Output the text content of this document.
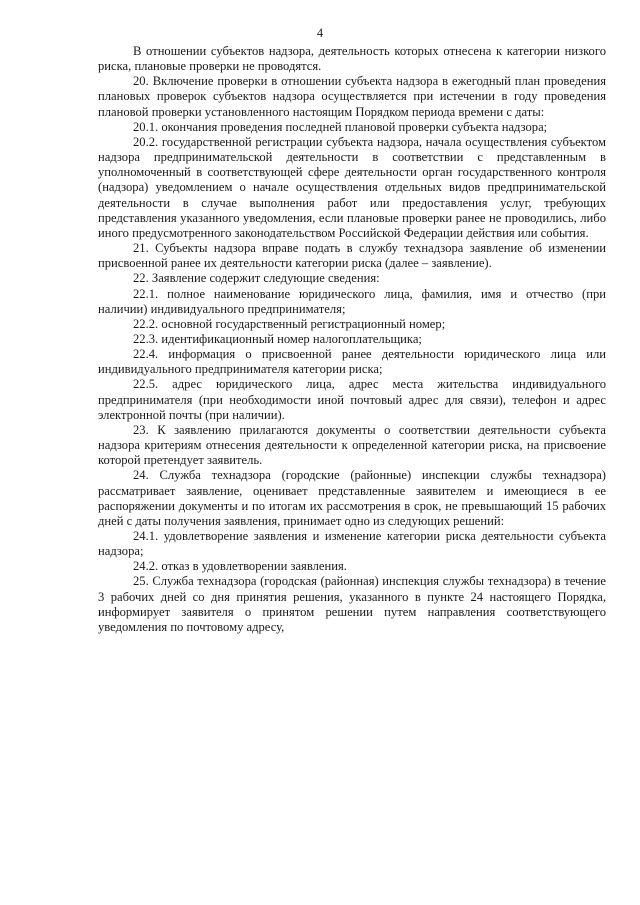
4

В отношении субъектов надзора, деятельность которых отнесена к категории низкого риска, плановые проверки не проводятся.

20. Включение проверки в отношении субъекта надзора в ежегодный план проведения плановых проверок субъектов надзора осуществляется при истечении в году проведения плановой проверки установленного настоящим Порядком периода времени с даты:

20.1. окончания проведения последней плановой проверки субъекта надзора;

20.2. государственной регистрации субъекта надзора, начала осуществления субъектом надзора предпринимательской деятельности в соответствии с представленным в уполномоченный в соответствующей сфере деятельности орган государственного контроля (надзора) уведомлением о начале осуществления отдельных видов предпринимательской деятельности в случае выполнения работ или предоставления услуг, требующих представления указанного уведомления, если плановые проверки ранее не проводились, либо иного предусмотренного законодательством Российской Федерации действия или события.

21. Субъекты надзора вправе подать в службу технадзора заявление об изменении присвоенной ранее их деятельности категории риска (далее – заявление).

22. Заявление содержит следующие сведения:

22.1. полное наименование юридического лица, фамилия, имя и отчество (при наличии) индивидуального предпринимателя;

22.2. основной государственный регистрационный номер;

22.3. идентификационный номер налогоплательщика;

22.4. информация о присвоенной ранее деятельности юридического лица или индивидуального предпринимателя категории риска;

22.5. адрес юридического лица, адрес места жительства индивидуального предпринимателя (при необходимости иной почтовый адрес для связи), телефон и адрес электронной почты (при наличии).

23. К заявлению прилагаются документы о соответствии деятельности субъекта надзора критериям отнесения деятельности к определенной категории риска, на присвоение которой претендует заявитель.

24. Служба технадзора (городские (районные) инспекции службы технадзора) рассматривает заявление, оценивает представленные заявителем и имеющиеся в ее распоряжении документы и по итогам их рассмотрения в срок, не превышающий 15 рабочих дней с даты получения заявления, принимает одно из следующих решений:

24.1. удовлетворение заявления и изменение категории риска деятельности субъекта надзора;

24.2. отказ в удовлетворении заявления.

25. Служба технадзора (городская (районная) инспекция службы технадзора) в течение 3 рабочих дней со дня принятия решения, указанного в пункте 24 настоящего Порядка, информирует заявителя о принятом решении путем направления соответствующего уведомления по почтовому адресу,
